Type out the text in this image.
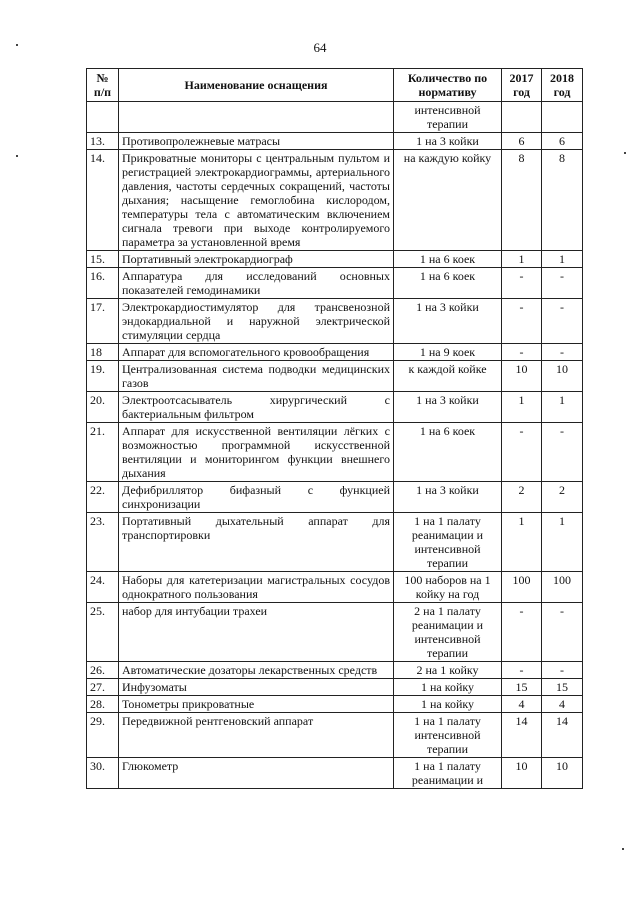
64
№ п/п	Наименование оснащения	Количество по нормативу	2017 год	2018 год
		интенсивной терапии		
13.	Противопролежневые матрасы	1 на 3 койки	6	6
14.	Прикроватные мониторы с центральным пультом и регистрацией электрокардиограммы, артериального давления, частоты сердечных сокращений, частоты дыхания; насыщение гемоглобина кислородом, температуры тела с автоматическим включением сигнала тревоги при выходе контролируемого параметра за установленной время	на каждую койку	8	8
15.	Портативный электрокардиограф	1 на 6 коек	1	1
16.	Аппаратура для исследований основных показателей гемодинамики	1 на 6 коек	-	-
17.	Электрокардиостимулятор для трансвенозной эндокардиальной и наружной электрической стимуляции сердца	1 на 3 койки	-	-
18	Аппарат для вспомогательного кровообращения	1 на 9 коек	-	-
19.	Централизованная система подводки медицинских газов	к каждой койке	10	10
20.	Электроотсасыватель хирургический с бактериальным фильтром	1 на 3 койки	1	1
21.	Аппарат для искусственной вентиляции лёгких с возможностью программной искусственной вентиляции и мониторингом функции внешнего дыхания	1 на 6 коек	-	-
22.	Дефибриллятор бифазный с функцией синхронизации	1 на 3 койки	2	2
23.	Портативный дыхательный аппарат для транспортировки	1 на 1 палату реанимации и интенсивной терапии	1	1
24.	Наборы для катетеризации магистральных сосудов однократного пользования	100 наборов на 1 койку на год	100	100
25.	набор для интубации трахеи	2 на 1 палату реанимации и интенсивной терапии	-	-
26.	Автоматические дозаторы лекарственных средств	2 на 1 койку	-	-
27.	Инфузоматы	1 на койку	15	15
28.	Тонометры прикроватные	1 на койку	4	4
29.	Передвижной рентгеновский аппарат	1 на 1 палату интенсивной терапии	14	14
30.	Глюкометр	1 на 1 палату реанимации и	10	10
